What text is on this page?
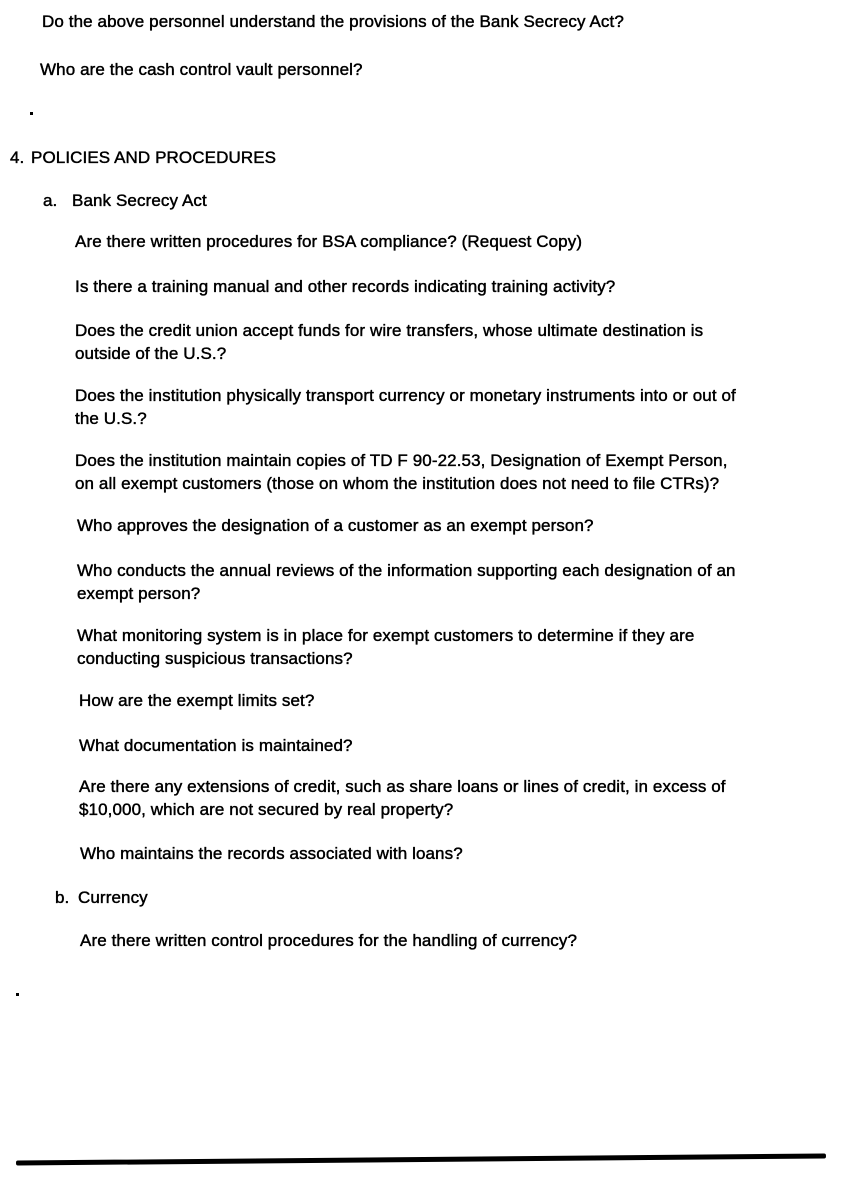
Do the above personnel understand the provisions of the Bank Secrecy Act?
Who are the cash control vault personnel?
4. POLICIES AND PROCEDURES
a. Bank Secrecy Act
Are there written procedures for BSA compliance? (Request Copy)
Is there a training manual and other records indicating training activity?
Does the credit union accept funds for wire transfers, whose ultimate destination is
outside of the U.S.?
Does the institution physically transport currency or monetary instruments into or out of
the U.S.?
Does the institution maintain copies of TD F 90-22.53, Designation of Exempt Person,
on all exempt customers (those on whom the institution does not need to file CTRs)?
Who approves the designation of a customer as an exempt person?
Who conducts the annual reviews of the information supporting each designation of an
exempt person?
What monitoring system is in place for exempt customers to determine if they are
conducting suspicious transactions?
How are the exempt limits set?
What documentation is maintained?
Are there any extensions of credit, such as share loans or lines of credit, in excess of
$10,000, which are not secured by real property?
Who maintains the records associated with loans?
b. Currency
Are there written control procedures for the handling of currency?
